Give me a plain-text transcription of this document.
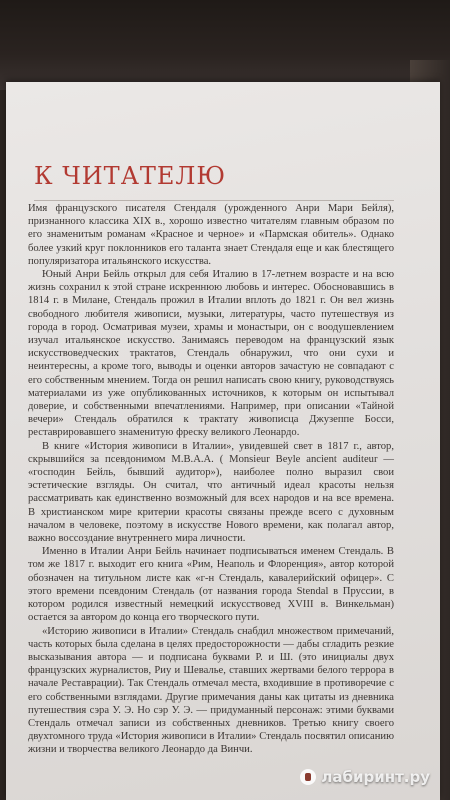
К ЧИТАТЕЛЮ

Имя французского писателя Стендаля (урожденного Анри Мари Бейля), признанного классика XIX в., хорошо известно читателям главным образом по его знаменитым романам «Красное и черное» и «Пармская обитель». Однако более узкий круг поклонников его таланта знает Стендаля еще и как блестящего популяризатора итальянского искусства.

Юный Анри Бейль открыл для себя Италию в 17-летнем возрасте и на всю жизнь сохранил к этой стране искреннюю любовь и интерес. Обосновавшись в 1814 г. в Милане, Стендаль прожил в Италии вплоть до 1821 г. Он вел жизнь свободного любителя живописи, музыки, литературы, часто путешествуя из города в город. Осматривая музеи, храмы и монастыри, он с воодушевлением изучал итальянское искусство. Занимаясь переводом на французский язык искусствоведческих трактатов, Стендаль обнаружил, что они сухи и неинтересны, а кроме того, выводы и оценки авторов зачастую не совпадают с его собственным мнением. Тогда он решил написать свою книгу, руководствуясь материалами из уже опубликованных источников, к которым он испытывал доверие, и собственными впечатлениями. Например, при описании «Тайной вечери» Стендаль обратился к трактату живописца Джузеппе Босси, реставрировавшего знаменитую фреску великого Леонардо.

В книге «История живописи в Италии», увидевшей свет в 1817 г., автор, скрывшийся за псевдонимом М.B.A.A. ( Monsieur Beyle ancient auditeur — «господин Бейль, бывший аудитор»), наиболее полно выразил свои эстетические взгляды. Он считал, что античный идеал красоты нельзя рассматривать как единственно возможный для всех народов и на все времена. В христианском мире критерии красоты связаны прежде всего с духовным началом в человеке, поэтому в искусстве Нового времени, как полагал автор, важно воссоздание внутреннего мира личности.

Именно в Италии Анри Бейль начинает подписываться именем Стендаль. В том же 1817 г. выходит его книга «Рим, Неаполь и Флоренция», автор которой обозначен на титульном листе как «г-н Стендаль, кавалерийский офицер». С этого времени псевдоним Стендаль (от названия города Stendal в Пруссии, в котором родился известный немецкий искусствовед XVIII в. Винкельман) остается за автором до конца его творческого пути.

«Историю живописи в Италии» Стендаль снабдил множеством примечаний, часть которых была сделана в целях предосторожности — дабы сгладить резкие высказывания автора — и подписана буквами Р. и Ш. (это инициалы двух французских журналистов, Риу и Шевалье, ставших жертвами белого террора в начале Реставрации). Так Стендаль отмечал места, входившие в противоречие с его собственными взглядами. Другие примечания даны как цитаты из дневника путешествия сэра У. Э. Но сэр У. Э. — придуманный персонаж: этими буквами Стендаль отмечал записи из собственных дневников. Третью книгу своего двухтомного труда «История живописи в Италии» Стендаль посвятил описанию жизни и творчества великого Леонардо да Винчи.

лабиринт.ру
